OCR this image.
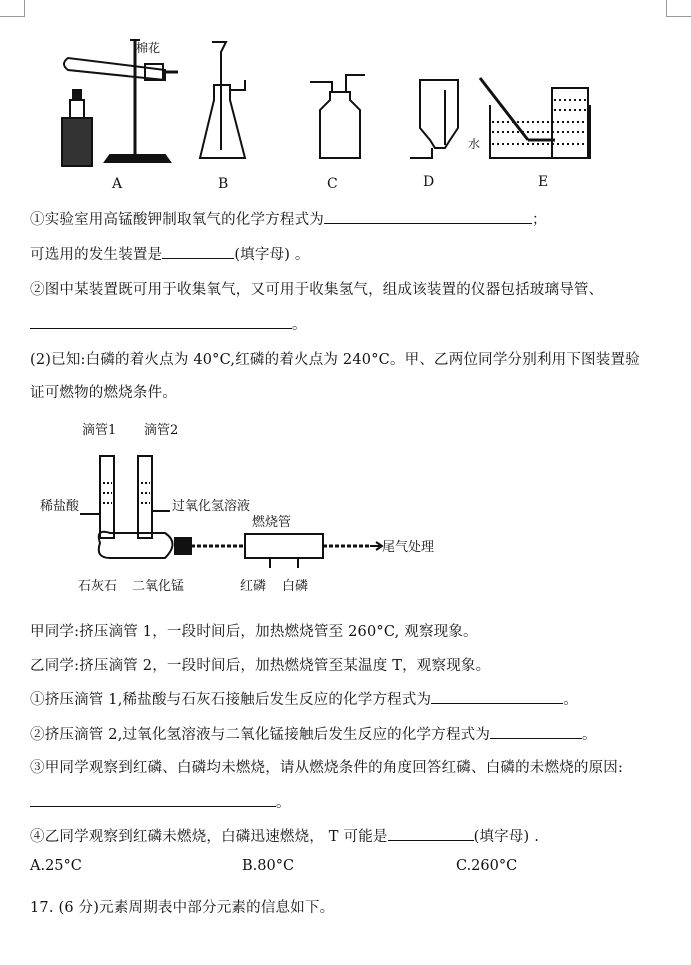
棉花
水
A	B	C	D	E
①实验室用高锰酸钾制取氧气的化学方程式为	；
可选用的发生装置是	(填字母) 。
②图中某装置既可用于收集氧气，又可用于收集氢气，组成该装置的仪器包括玻璃导管、
。
(2)已知:白磷的着火点为 40°C,红磷的着火点为 240°C。甲、乙两位同学分别利用下图装置验
证可燃物的燃烧条件。
滴管1 滴管2
稀盐酸	过氧化氢溶液
燃烧管
尾气处理
石灰石 二氧化锰	红磷 白磷
甲同学:挤压滴管 1，一段时间后，加热燃烧管至 260°C, 观察现象。
乙同学:挤压滴管 2，一段时间后，加热燃烧管至某温度 T，观察现象。
①挤压滴管 1,稀盐酸与石灰石接触后发生反应的化学方程式为	。
②挤压滴管 2,过氧化氢溶液与二氧化锰接触后发生反应的化学方程式为	。
③甲同学观察到红磷、白磷均未燃烧，请从燃烧条件的角度回答红磷、白磷的未燃烧的原因:
。
④乙同学观察到红磷未燃烧，白磷迅速燃烧， T 可能是	(填字母) .
A.25°C	B.80°C	C.260°C
17. (6 分)元素周期表中部分元素的信息如下。
